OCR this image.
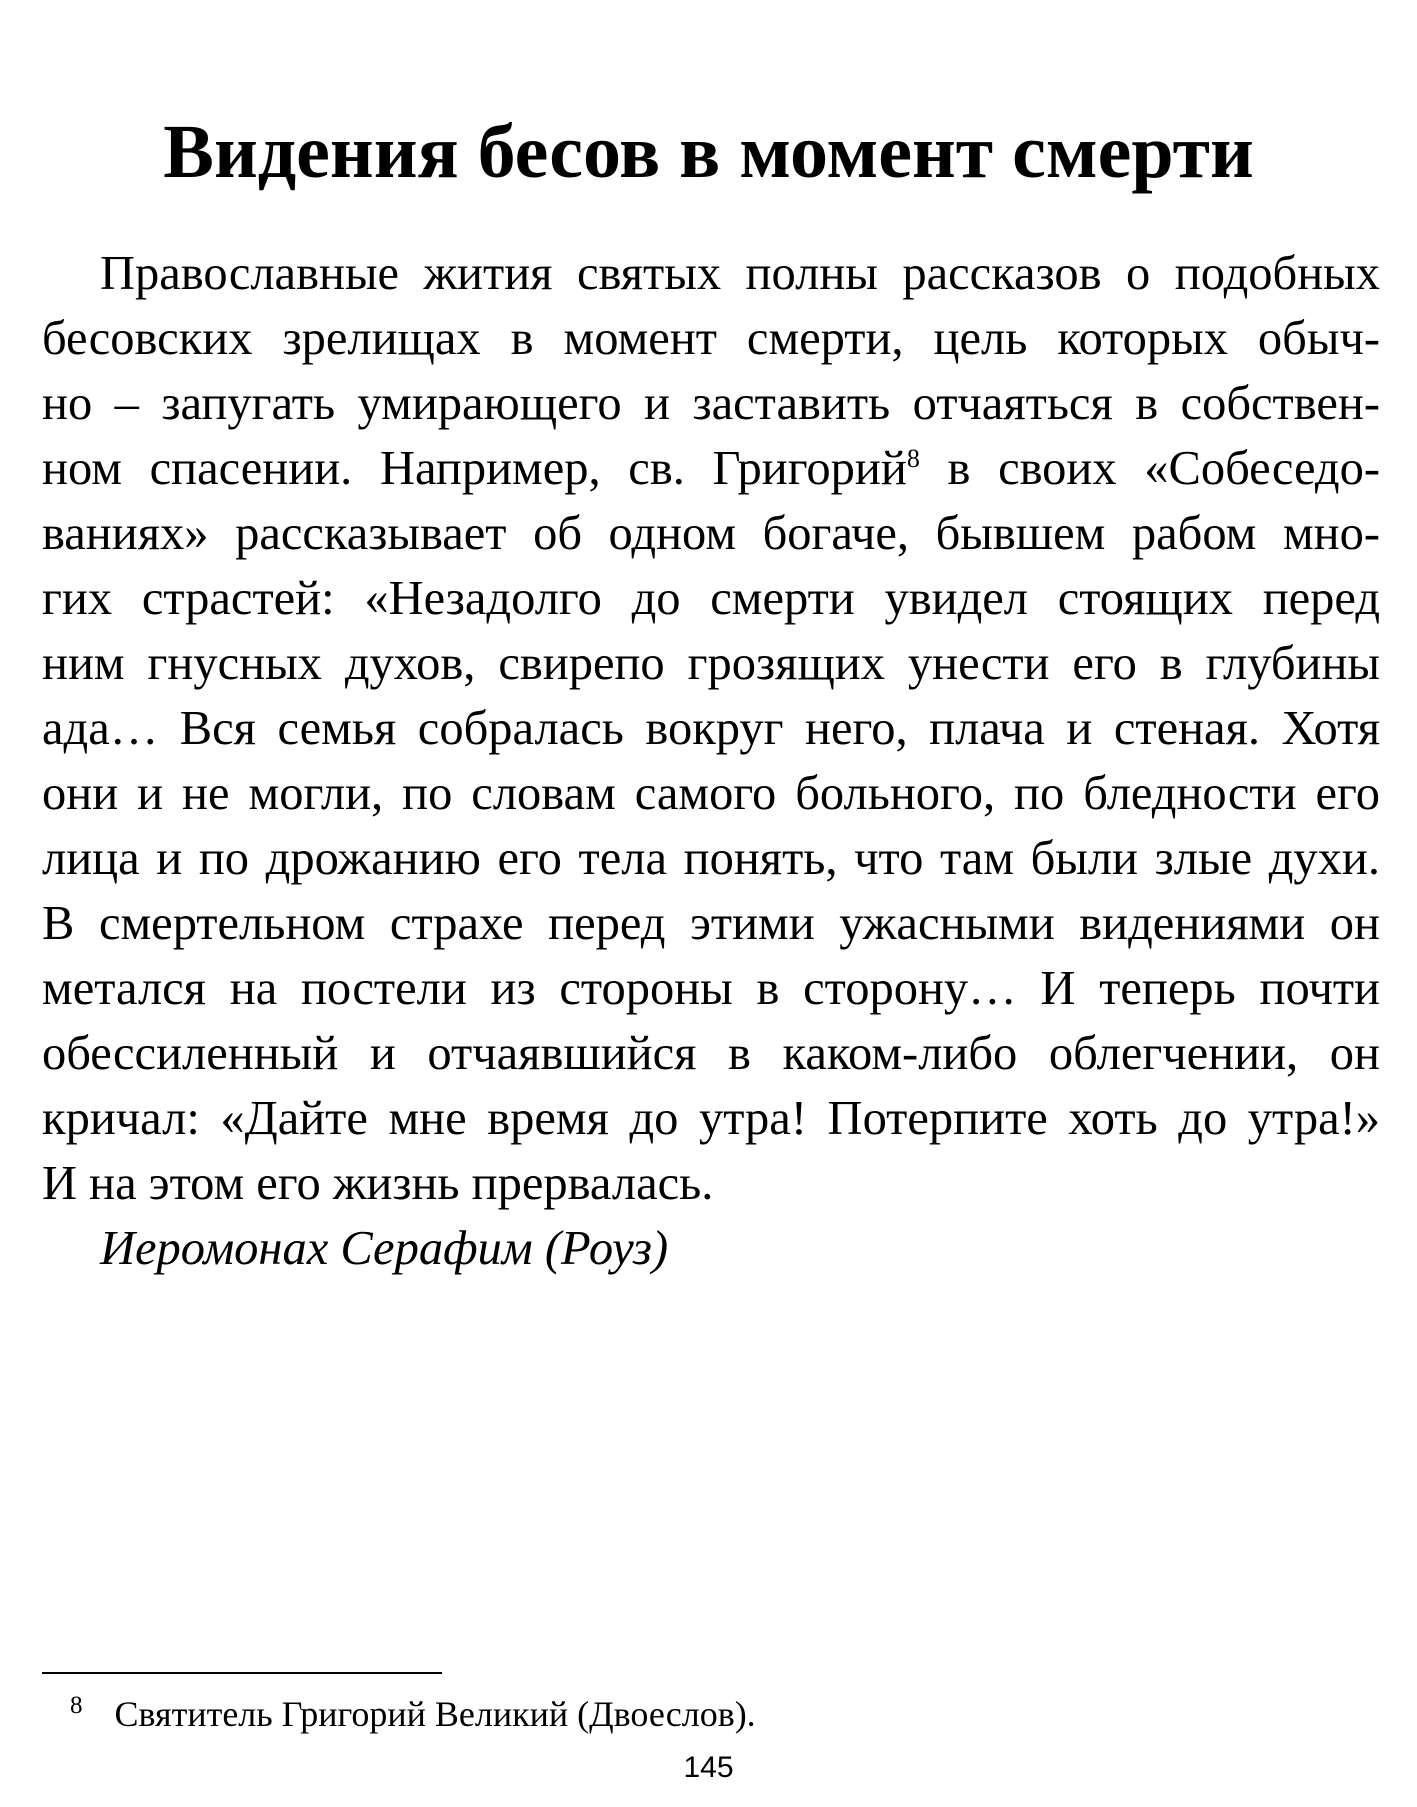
Видения бесов в момент смерти
Православные жития святых полны рассказов о подобных
бесовских зрелищах в момент смерти, цель которых обыч-
но – запугать умирающего и заставить отчаяться в собствен-
ном спасении. Например, св. Григорий$^8$ в своих «Собеседо-
ваниях» рассказывает об одном богаче, бывшем рабом мно-
гих страстей: «Незадолго до смерти увидел стоящих перед
ним гнусных духов, свирепо грозящих унести его в глубины
ада… Вся семья собралась вокруг него, плача и стеная. Хотя
они и не могли, по словам самого больного, по бледности его
лица и по дрожанию его тела понять, что там были злые духи.
В смертельном страхе перед этими ужасными видениями он
метался на постели из стороны в сторону… И теперь почти
обессиленный и отчаявшийся в каком-либо облегчении, он
кричал: «Дайте мне время до утра! Потерпите хоть до утра!»
И на этом его жизнь прервалась.
Иеромонах Серафим (Роуз)
8 Святитель Григорий Великий (Двоеслов).
145
